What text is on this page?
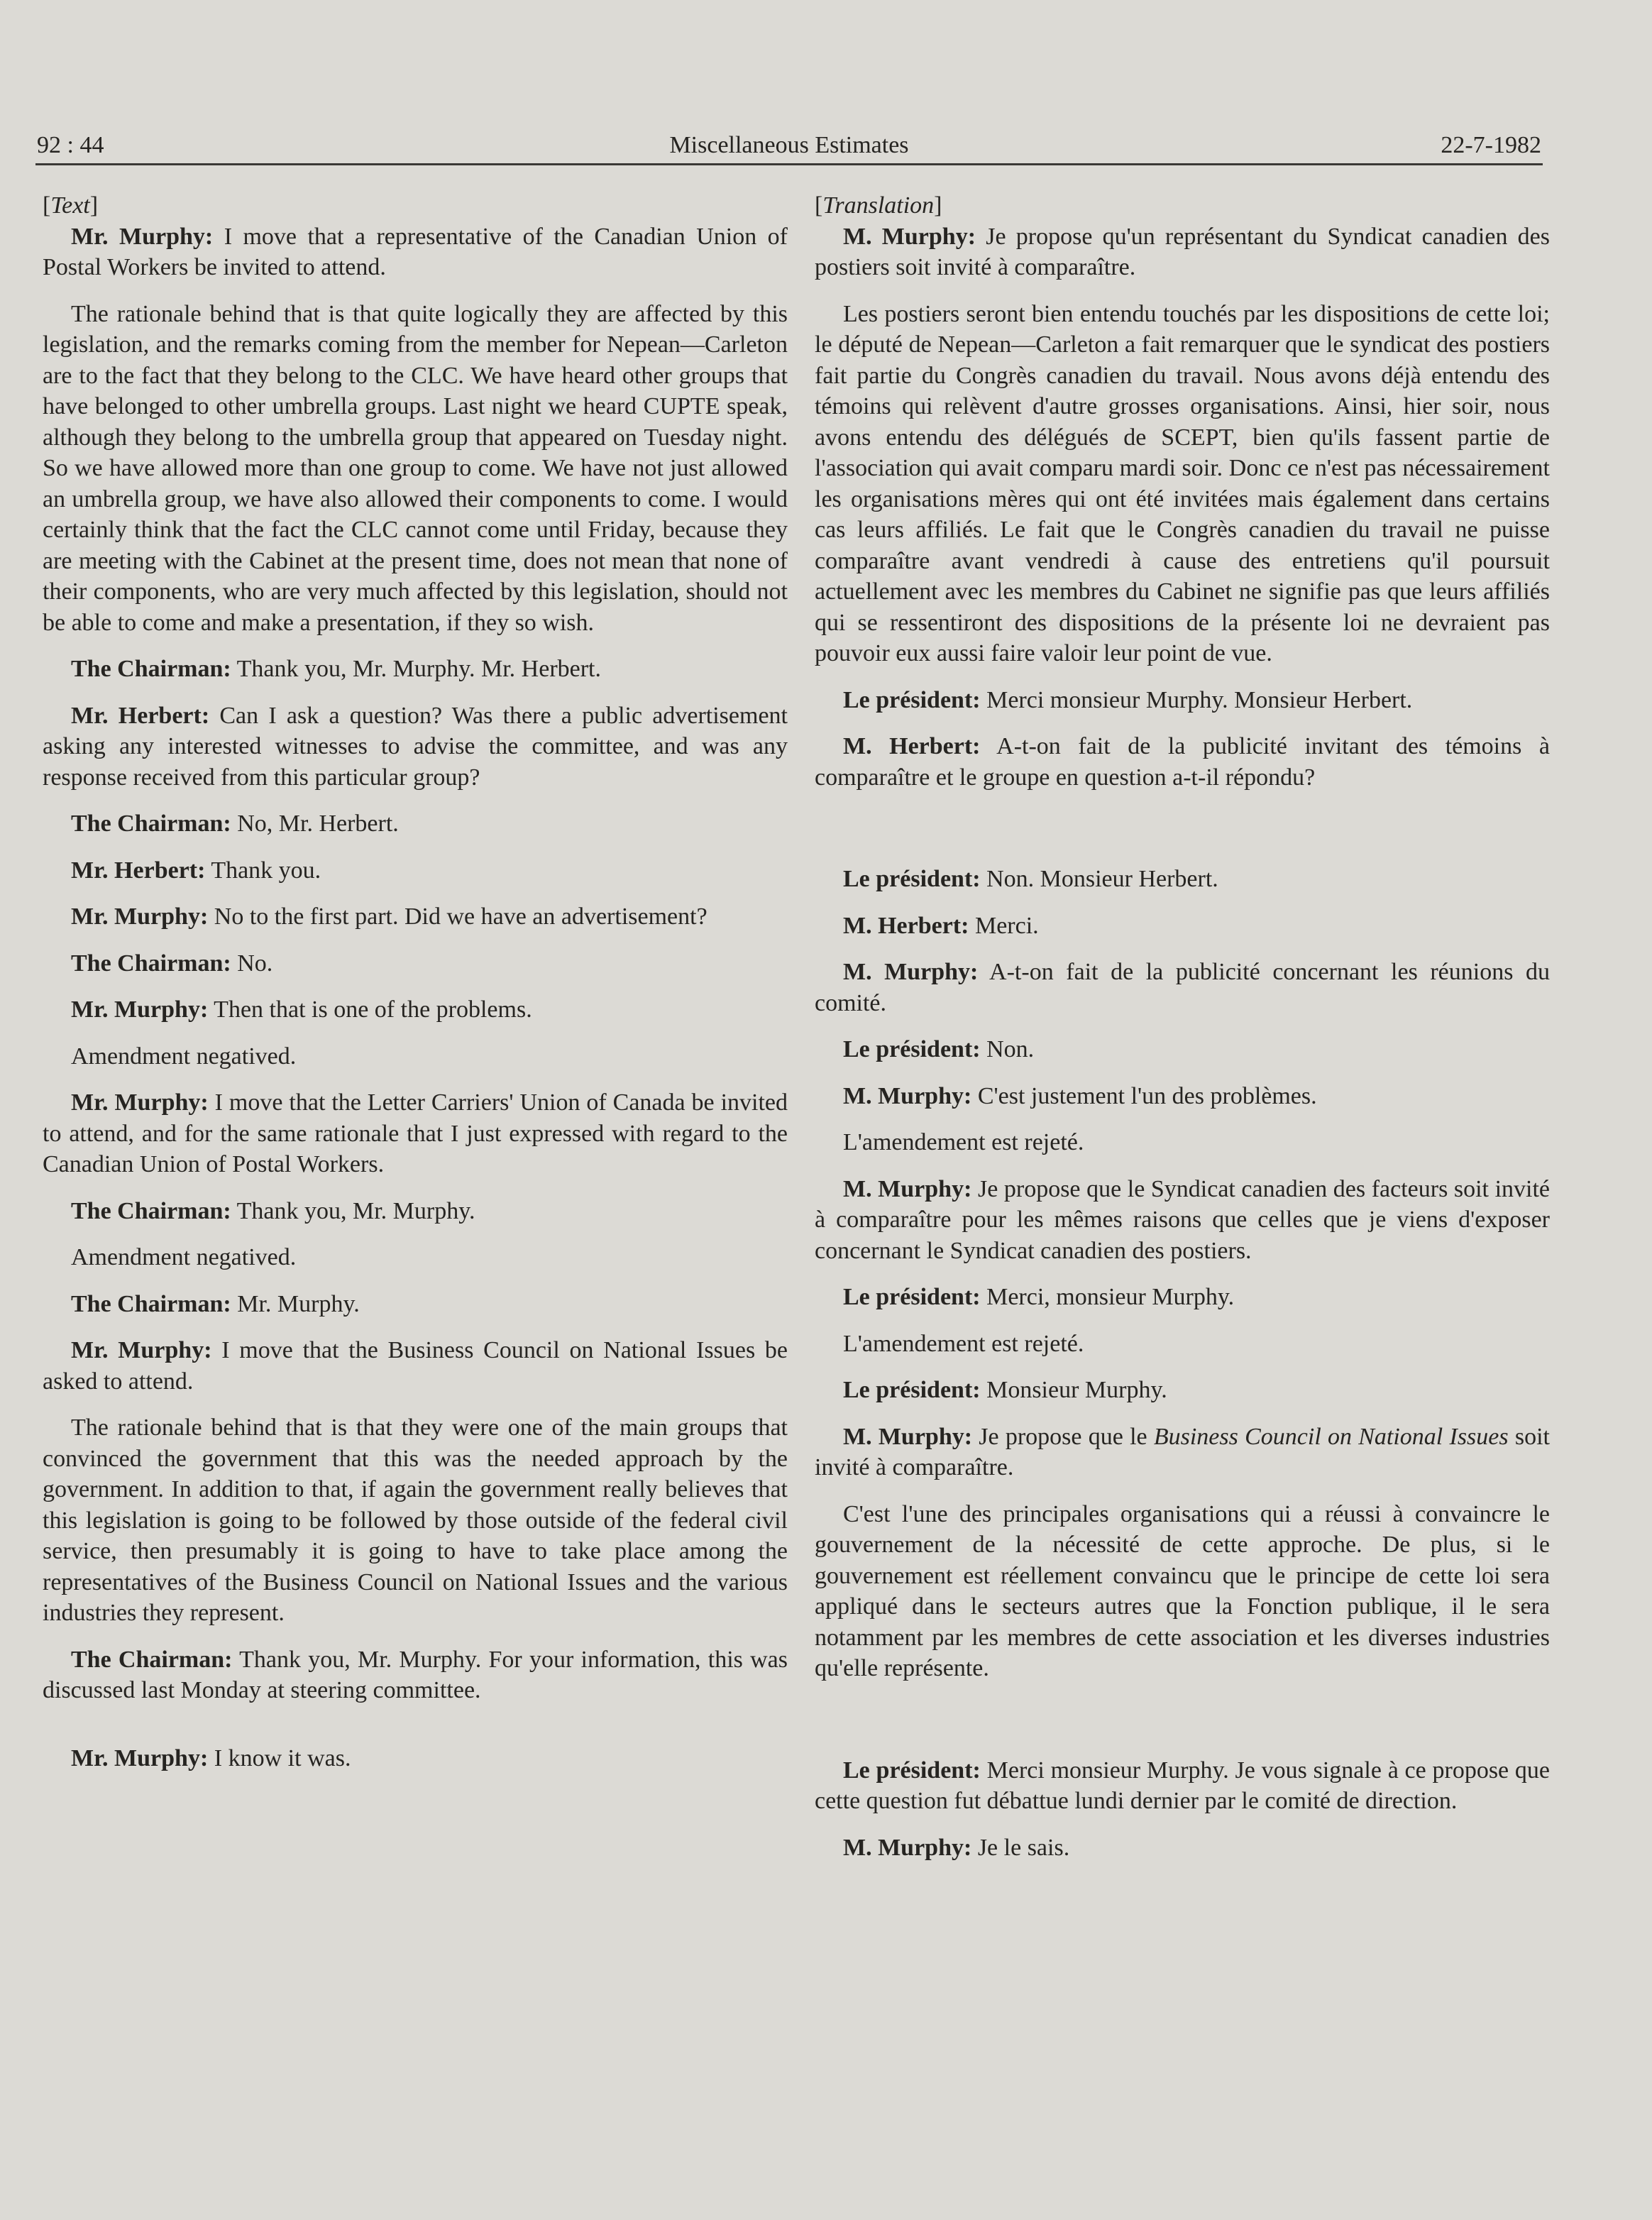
92 : 44	Miscellaneous Estimates	22-7-1982

[Text]

Mr. Murphy: I move that a representative of the Canadian Union of Postal Workers be invited to attend.

The rationale behind that is that quite logically they are affected by this legislation, and the remarks coming from the member for Nepean—Carleton are to the fact that they belong to the CLC. We have heard other groups that have belonged to other umbrella groups. Last night we heard CUPTE speak, although they belong to the umbrella group that appeared on Tuesday night. So we have allowed more than one group to come. We have not just allowed an umbrella group, we have also allowed their components to come. I would certainly think that the fact the CLC cannot come until Friday, because they are meeting with the Cabinet at the present time, does not mean that none of their components, who are very much affected by this legislation, should not be able to come and make a presentation, if they so wish.

The Chairman: Thank you, Mr. Murphy. Mr. Herbert.

Mr. Herbert: Can I ask a question? Was there a public advertisement asking any interested witnesses to advise the committee, and was any response received from this particular group?

The Chairman: No, Mr. Herbert.

Mr. Herbert: Thank you.

Mr. Murphy: No to the first part. Did we have an advertisement?

The Chairman: No.

Mr. Murphy: Then that is one of the problems.

Amendment negatived.

Mr. Murphy: I move that the Letter Carriers' Union of Canada be invited to attend, and for the same rationale that I just expressed with regard to the Canadian Union of Postal Workers.

The Chairman: Thank you, Mr. Murphy.

Amendment negatived.

The Chairman: Mr. Murphy.

Mr. Murphy: I move that the Business Council on National Issues be asked to attend.

The rationale behind that is that they were one of the main groups that convinced the government that this was the needed approach by the government. In addition to that, if again the government really believes that this legislation is going to be followed by those outside of the federal civil service, then presumably it is going to have to take place among the representatives of the Business Council on National Issues and the various industries they represent.

The Chairman: Thank you, Mr. Murphy. For your information, this was discussed last Monday at steering committee.

Mr. Murphy: I know it was.

[Translation]

M. Murphy: Je propose qu'un représentant du Syndicat canadien des postiers soit invité à comparaître.

Les postiers seront bien entendu touchés par les dispositions de cette loi; le député de Nepean—Carleton a fait remarquer que le syndicat des postiers fait partie du Congrès canadien du travail. Nous avons déjà entendu des témoins qui relèvent d'autre grosses organisations. Ainsi, hier soir, nous avons entendu des délégués de SCEPT, bien qu'ils fassent partie de l'association qui avait comparu mardi soir. Donc ce n'est pas nécessairement les organisations mères qui ont été invitées mais également dans certains cas leurs affiliés. Le fait que le Congrès canadien du travail ne puisse comparaître avant vendredi à cause des entretiens qu'il poursuit actuellement avec les membres du Cabinet ne signifie pas que leurs affiliés qui se ressentiront des dispositions de la présente loi ne devraient pas pouvoir eux aussi faire valoir leur point de vue.

Le président: Merci monsieur Murphy. Monsieur Herbert.

M. Herbert: A-t-on fait de la publicité invitant des témoins à comparaître et le groupe en question a-t-il répondu?

Le président: Non. Monsieur Herbert.

M. Herbert: Merci.

M. Murphy: A-t-on fait de la publicité concernant les réunions du comité.

Le président: Non.

M. Murphy: C'est justement l'un des problèmes.

L'amendement est rejeté.

M. Murphy: Je propose que le Syndicat canadien des facteurs soit invité à comparaître pour les mêmes raisons que celles que je viens d'exposer concernant le Syndicat canadien des postiers.

Le président: Merci, monsieur Murphy.

L'amendement est rejeté.

Le président: Monsieur Murphy.

M. Murphy: Je propose que le Business Council on National Issues soit invité à comparaître.

C'est l'une des principales organisations qui a réussi à convaincre le gouvernement de la nécessité de cette approche. De plus, si le gouvernement est réellement convaincu que le principe de cette loi sera appliqué dans le secteurs autres que la Fonction publique, il le sera notamment par les membres de cette association et les diverses industries qu'elle représente.

Le président: Merci monsieur Murphy. Je vous signale à ce propose que cette question fut débattue lundi dernier par le comité de direction.

M. Murphy: Je le sais.
